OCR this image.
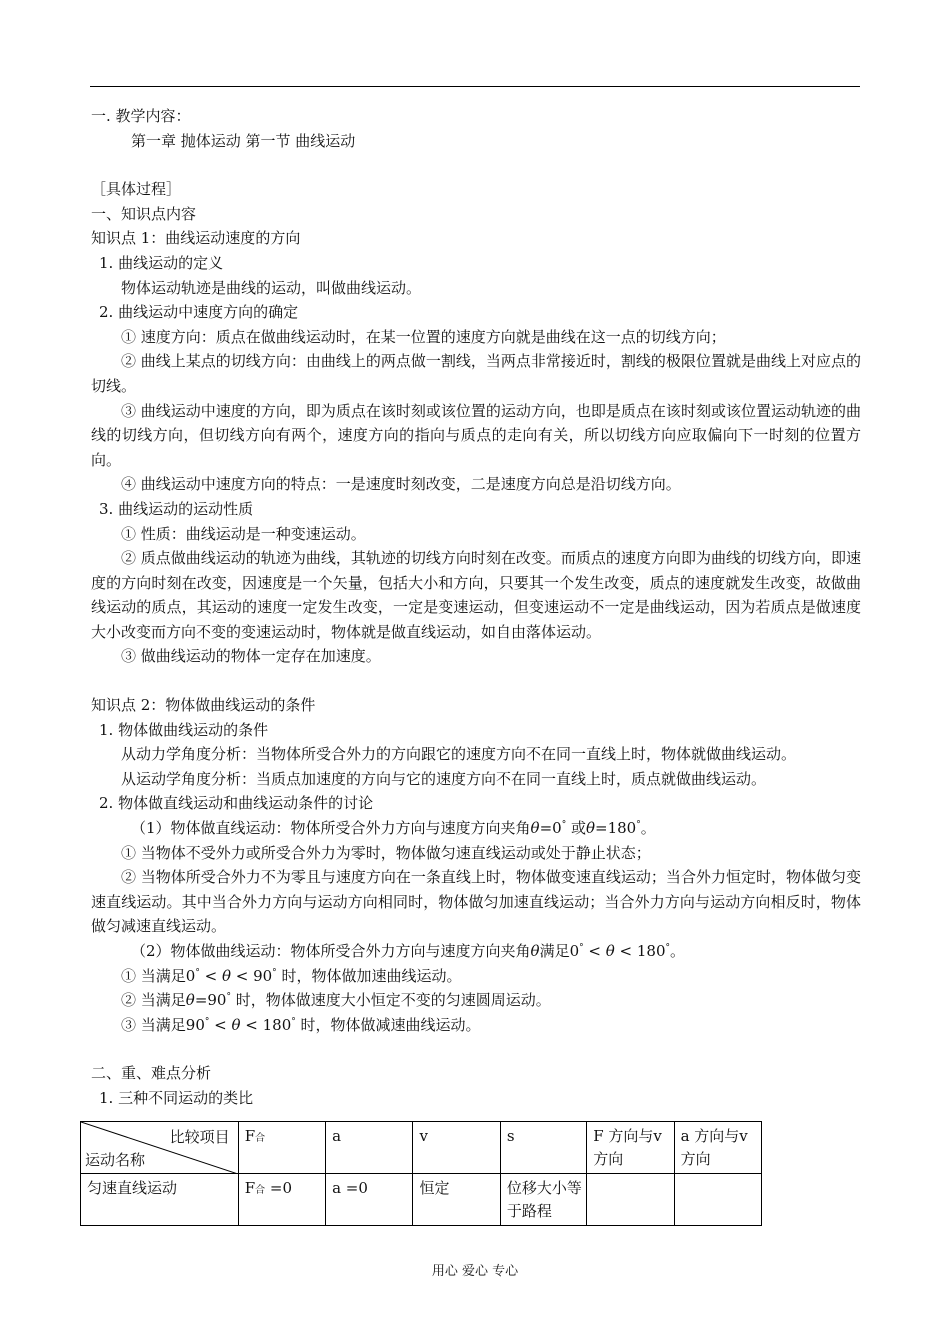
一. 教学内容：
第一章 抛体运动 第一节 曲线运动
［具体过程］
一、知识点内容
知识点 1：曲线运动速度的方向
1. 曲线运动的定义
物体运动轨迹是曲线的运动，叫做曲线运动。
2. 曲线运动中速度方向的确定
① 速度方向：质点在做曲线运动时，在某一位置的速度方向就是曲线在这一点的切线方向；
② 曲线上某点的切线方向：由曲线上的两点做一割线，当两点非常接近时，割线的极限位置就是曲线上对应点的切线。
③ 曲线运动中速度的方向，即为质点在该时刻或该位置的运动方向，也即是质点在该时刻或该位置运动轨迹的曲线的切线方向，但切线方向有两个，速度方向的指向与质点的走向有关，所以切线方向应取偏向下一时刻的位置方向。
④ 曲线运动中速度方向的特点：一是速度时刻改变，二是速度方向总是沿切线方向。
3. 曲线运动的运动性质
① 性质：曲线运动是一种变速运动。
② 质点做曲线运动的轨迹为曲线，其轨迹的切线方向时刻在改变。而质点的速度方向即为曲线的切线方向，即速度的方向时刻在改变，因速度是一个矢量，包括大小和方向，只要其一个发生改变，质点的速度就发生改变，故做曲线运动的质点，其运动的速度一定发生改变，一定是变速运动，但变速运动不一定是曲线运动，因为若质点是做速度大小改变而方向不变的变速运动时，物体就是做直线运动，如自由落体运动。
③ 做曲线运动的物体一定存在加速度。
知识点 2：物体做曲线运动的条件
1. 物体做曲线运动的条件
从动力学角度分析：当物体所受合外力的方向跟它的速度方向不在同一直线上时，物体就做曲线运动。
从运动学角度分析：当质点加速度的方向与它的速度方向不在同一直线上时，质点就做曲线运动。
2. 物体做直线运动和曲线运动条件的讨论
（1）物体做直线运动：物体所受合外力方向与速度方向夹角θ=0° 或θ=180°。
① 当物体不受外力或所受合外力为零时，物体做匀速直线运动或处于静止状态；
② 当物体所受合外力不为零且与速度方向在一条直线上时，物体做变速直线运动；当合外力恒定时，物体做匀变速直线运动。其中当合外力方向与运动方向相同时，物体做匀加速直线运动；当合外力方向与运动方向相反时，物体做匀减速直线运动。
（2）物体做曲线运动：物体所受合外力方向与速度方向夹角θ满足0° < θ < 180°。
① 当满足0° < θ < 90° 时，物体做加速曲线运动。
② 当满足θ=90° 时，物体做速度大小恒定不变的匀速圆周运动。
③ 当满足90° < θ < 180° 时，物体做减速曲线运动。
二、重、难点分析
1. 三种不同运动的类比
比较项目
运动名称	F合	a	v	s	F 方向与v 方向	a 方向与v 方向
匀速直线运动	F合 =0	a =0	恒定	位移大小等于路程		
用心 爱心 专心
